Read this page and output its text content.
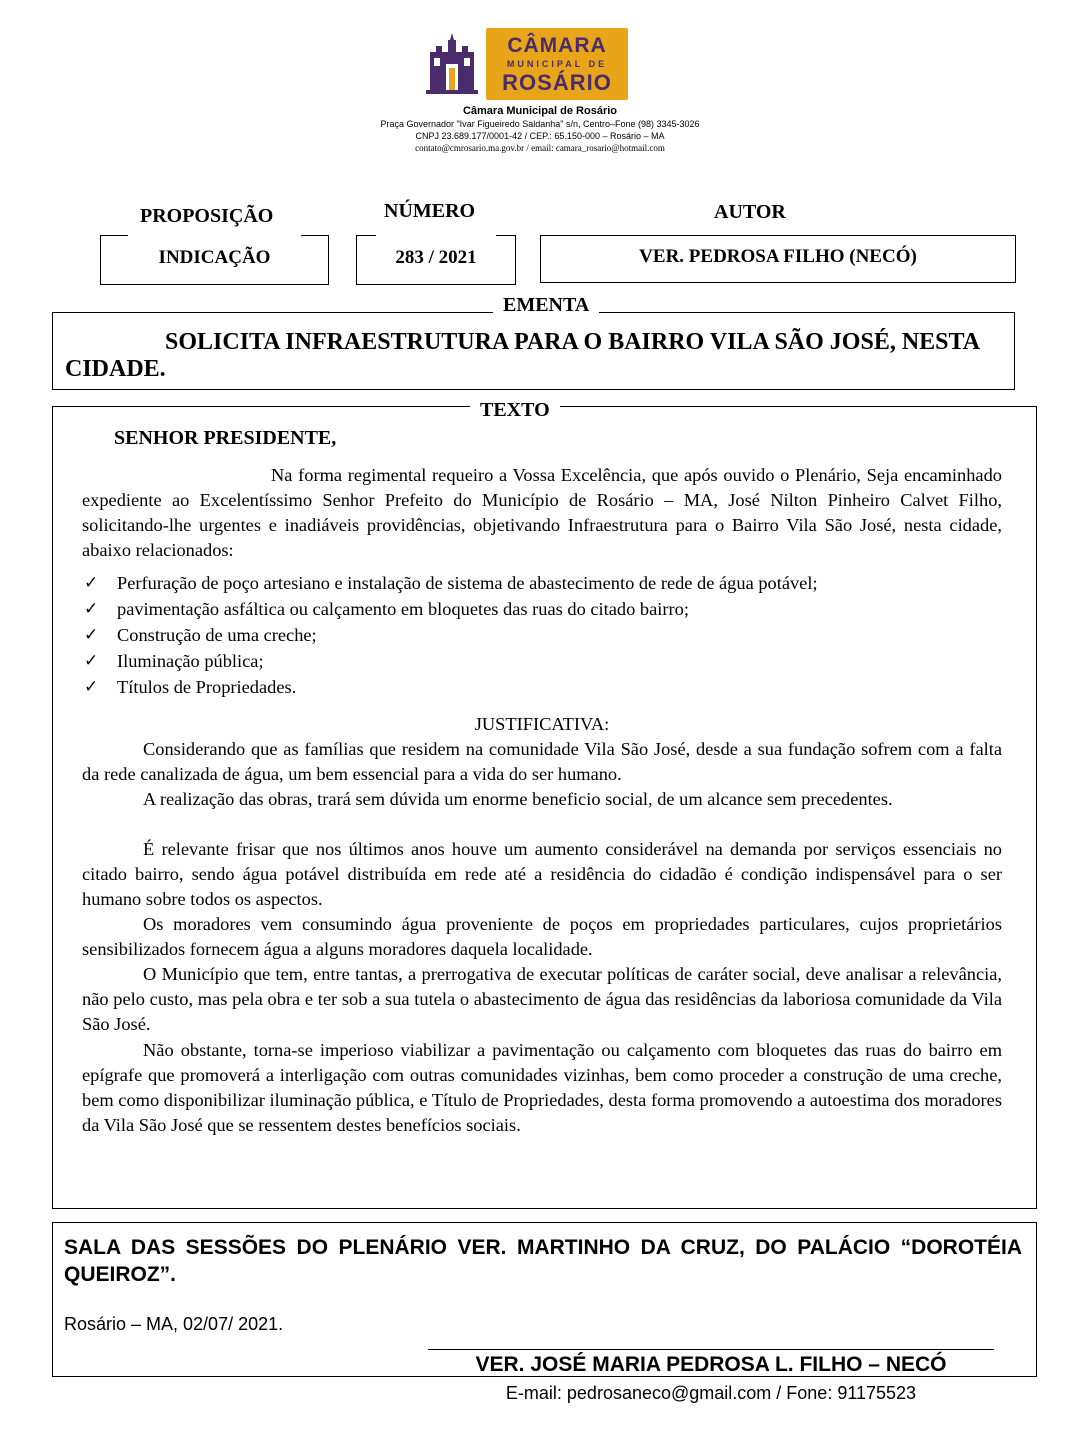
CÂMARA
MUNICIPAL DE
ROSÁRIO
Câmara Municipal de Rosário
Praça Governador "Ivar Figueiredo Saldanha" s/n, Centro–Fone (98) 3345-3026
CNPJ 23.689.177/0001-42 / CEP.: 65.150-000 – Rosário – MA
contato@cmrosario.ma.gov.br / email: camara_rosario@hotmail.com
PROPOSIÇÃO	NÚMERO	AUTOR
INDICAÇÃO	283 / 2021	VER. PEDROSA FILHO (NECÓ)
SOLICITA INFRAESTRUTURA PARA O BAIRRO VILA SÃO JOSÉ, NESTA CIDADE.
EMENTA
TEXTO
SENHOR PRESIDENTE,
Na forma regimental requeiro a Vossa Excelência, que após ouvido o Plenário, Seja encaminhado expediente ao Excelentíssimo Senhor Prefeito do Município de Rosário – MA, José Nilton Pinheiro Calvet Filho, solicitando-lhe urgentes e inadiáveis providências, objetivando Infraestrutura para o Bairro Vila São José, nesta cidade, abaixo relacionados:
✓ Perfuração de poço artesiano e instalação de sistema de abastecimento de rede de água potável;
✓ pavimentação asfáltica ou calçamento em bloquetes das ruas do citado bairro;
✓ Construção de uma creche;
✓ Iluminação pública;
✓ Títulos de Propriedades.
JUSTIFICATIVA:
Considerando que as famílias que residem na comunidade Vila São José, desde a sua fundação sofrem com a falta da rede canalizada de água, um bem essencial para a vida do ser humano.
A realização das obras, trará sem dúvida um enorme beneficio social, de um alcance sem precedentes.
É relevante frisar que nos últimos anos houve um aumento considerável na demanda por serviços essenciais no citado bairro, sendo água potável distribuída em rede até a residência do cidadão é condição indispensável para o ser humano sobre todos os aspectos.
Os moradores vem consumindo água proveniente de poços em propriedades particulares, cujos proprietários sensibilizados fornecem água a alguns moradores daquela localidade.
O Município que tem, entre tantas, a prerrogativa de executar políticas de caráter social, deve analisar a relevância, não pelo custo, mas pela obra e ter sob a sua tutela o abastecimento de água das residências da laboriosa comunidade da Vila São José.
Não obstante, torna-se imperioso viabilizar a pavimentação ou calçamento com bloquetes das ruas do bairro em epígrafe que promoverá a interligação com outras comunidades vizinhas, bem como proceder a construção de uma creche, bem como disponibilizar iluminação pública, e Título de Propriedades, desta forma promovendo a autoestima dos moradores da Vila São José que se ressentem destes benefícios sociais.
SALA DAS SESSÕES DO PLENÁRIO VER. MARTINHO DA CRUZ, DO PALÁCIO “DOROTÉIA QUEIROZ”.
Rosário – MA, 02/07/ 2021.
VER. JOSÉ MARIA PEDROSA L. FILHO – NECÓ
E-mail: pedrosaneco@gmail.com / Fone: 91175523
